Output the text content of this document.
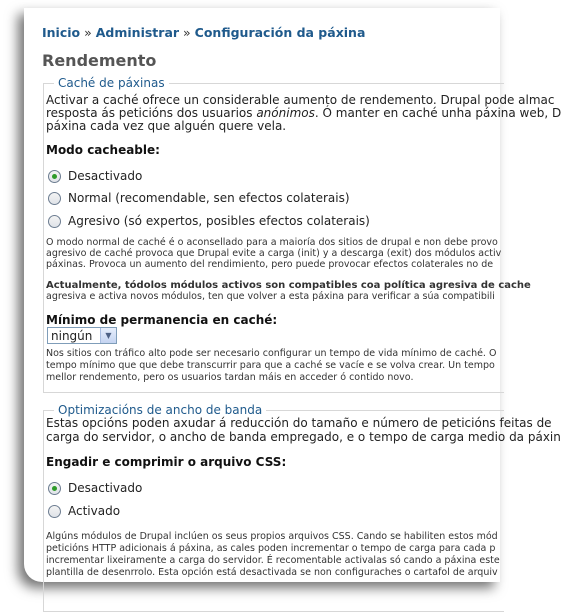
Inicio » Administrar » Configuración da páxina
Rendemento
Caché de páxinas
Activar a caché ofrece un considerable aumento de rendemento. Drupal pode almac
resposta ás peticións dos usuarios anónimos. Ó manter en caché unha páxina web, D
páxina cada vez que alguén quere vela.
Modo cacheable:
Desactivado
Normal (recomendable, sen efectos colaterais)
Agresivo (só expertos, posibles efectos colaterais)
O modo normal de caché é o aconsellado para a maioría dos sitios de drupal e non debe provo
agresivo de caché provoca que Drupal evite a carga (init) y a descarga (exit) dos módulos activ
páxinas. Provoca un aumento del rendimiento, pero puede provocar efectos colaterales no de
Actualmente, tódolos módulos activos son compatibles coa política agresiva de cache
agresiva e activa novos módulos, ten que volver a esta páxina para verificar a súa compatibili
Mínimo de permanencia en caché:
ningún	▼
Nos sitios con tráfico alto pode ser necesario configurar un tempo de vida mínimo de caché. O
tempo mínimo que que debe transcurrir para que a caché se vacíe e se volva crear. Un tempo
mellor rendemento, pero os usuarios tardan máis en acceder ó contido novo.
Optimizacións de ancho de banda
Estas opcións poden axudar á reducción do tamaño e número de peticións feitas de
carga do servidor, o ancho de banda empregado, e o tempo de carga medio da páxin
Engadir e comprimir o arquivo CSS:
Desactivado
Activado
Algúns módulos de Drupal inclúen os seus propios arquivos CSS. Cando se habiliten estos mód
peticións HTTP adicionais á páxina, as cales poden incrementar o tempo de carga para cada p
incrementar lixeiramente a carga do servidor. É recomentable activalas só cando a páxina este
plantilla de desenrrolo. Esta opción está desactivada se non configuraches o cartafol de arquiv
